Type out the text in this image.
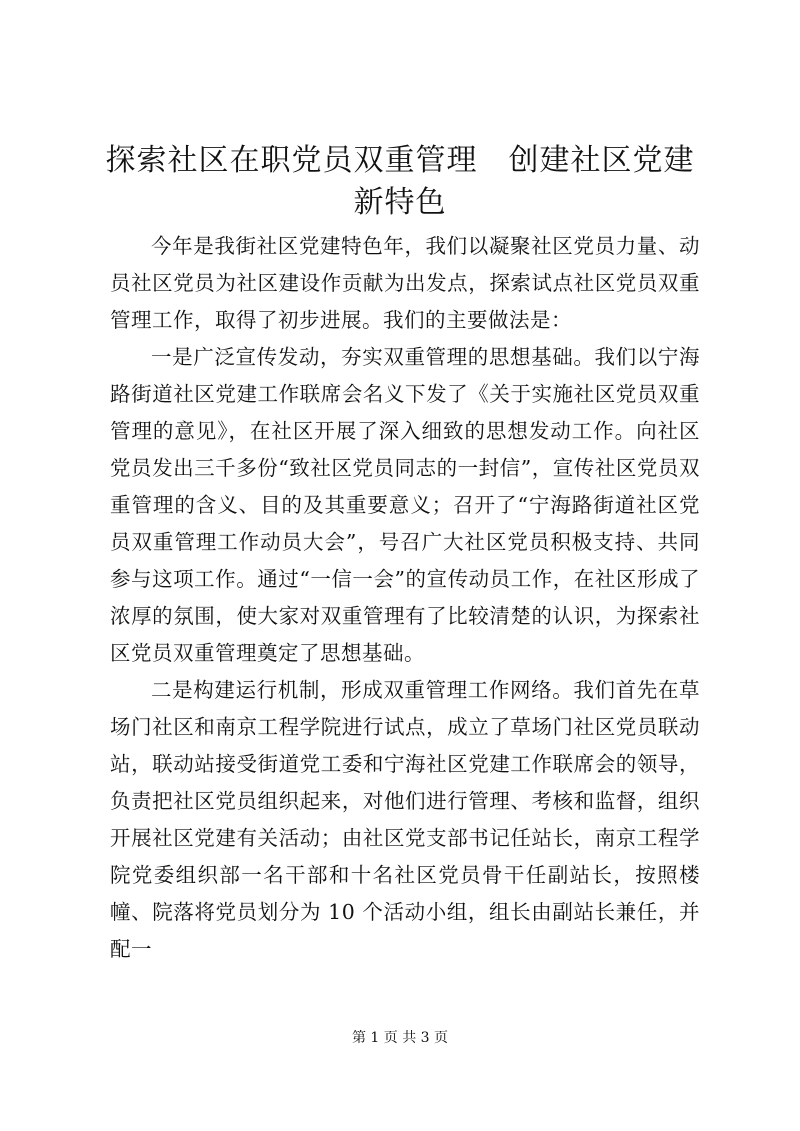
探索社区在职党员双重管理　创建社区党建新特色

今年是我街社区党建特色年，我们以凝聚社区党员力量、动员社区党员为社区建设作贡献为出发点，探索试点社区党员双重管理工作，取得了初步进展。我们的主要做法是：

一是广泛宣传发动，夯实双重管理的思想基础。我们以宁海路街道社区党建工作联席会名义下发了《关于实施社区党员双重管理的意见》，在社区开展了深入细致的思想发动工作。向社区党员发出三千多份“致社区党员同志的一封信”，宣传社区党员双重管理的含义、目的及其重要意义；召开了“宁海路街道社区党员双重管理工作动员大会”，号召广大社区党员积极支持、共同参与这项工作。通过“一信一会”的宣传动员工作，在社区形成了浓厚的氛围，使大家对双重管理有了比较清楚的认识，为探索社区党员双重管理奠定了思想基础。

二是构建运行机制，形成双重管理工作网络。我们首先在草场门社区和南京工程学院进行试点，成立了草场门社区党员联动站，联动站接受街道党工委和宁海社区党建工作联席会的领导，负责把社区党员组织起来，对他们进行管理、考核和监督，组织开展社区党建有关活动；由社区党支部书记任站长，南京工程学院党委组织部一名干部和十名社区党员骨干任副站长，按照楼幢、院落将党员划分为 10 个活动小组，组长由副站长兼任，并配一

第 1 页 共 3 页
